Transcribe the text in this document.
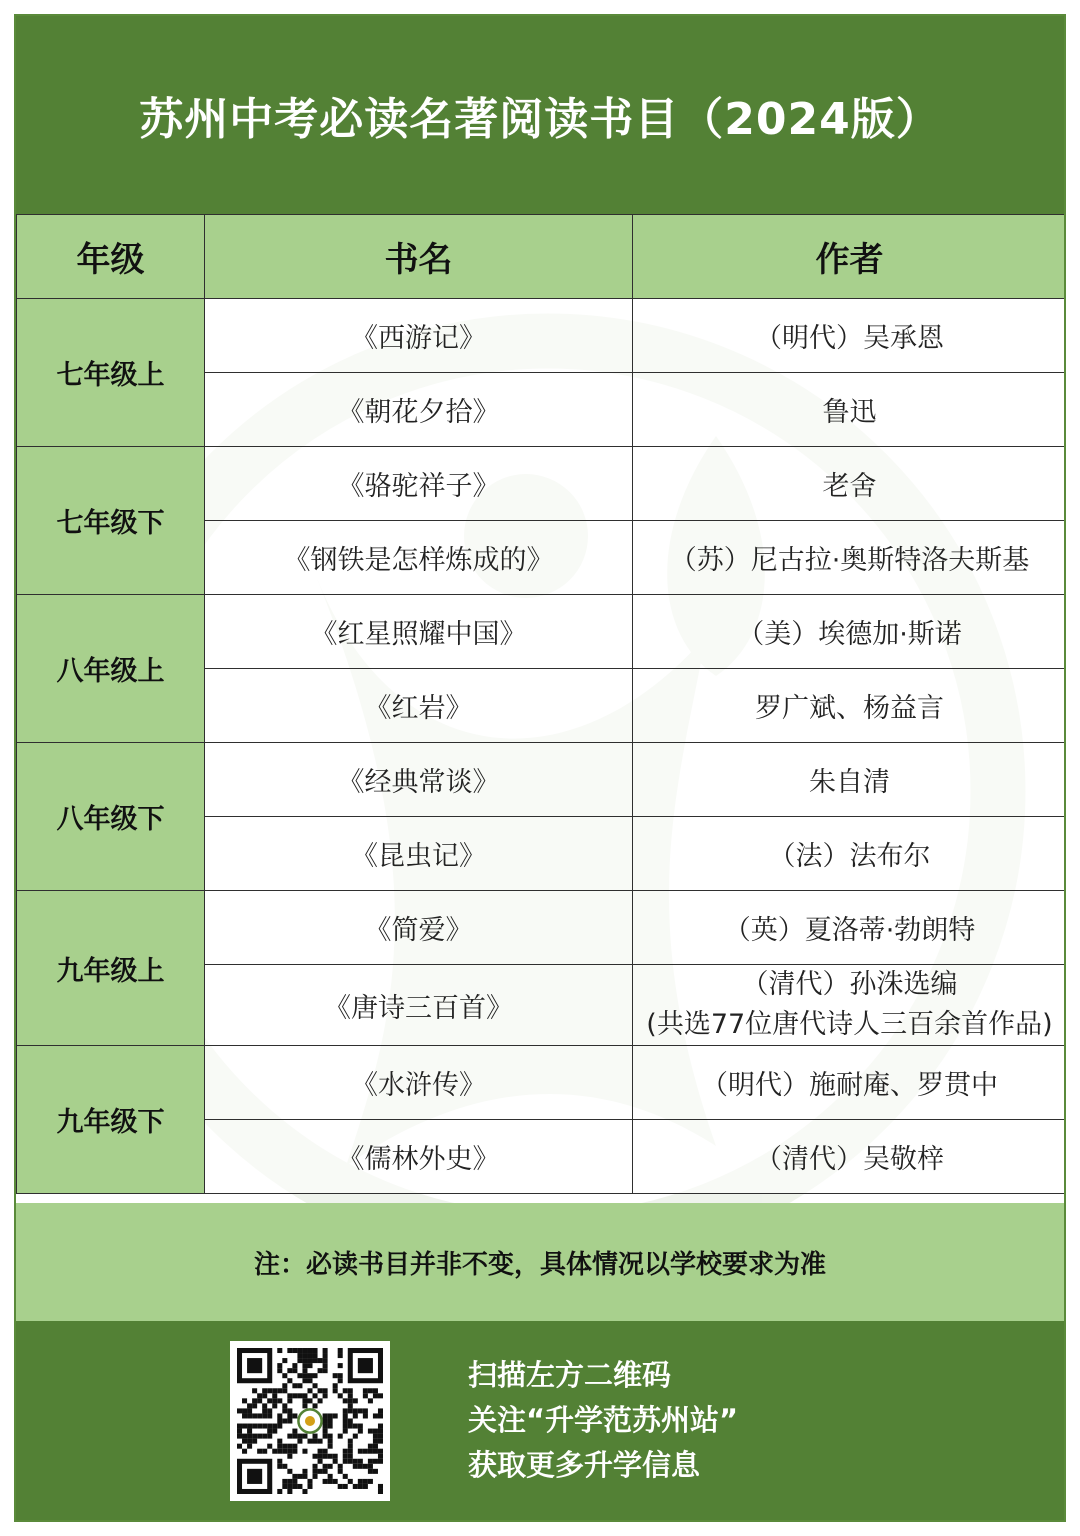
苏州中考必读名著阅读书目（2024版）
年级	书名	作者
七年级上	《西游记》	（明代）吴承恩
	《朝花夕拾》	鲁迅
七年级下	《骆驼祥子》	老舍
	《钢铁是怎样炼成的》	（苏）尼古拉·奥斯特洛夫斯基
八年级上	《红星照耀中国》	（美）埃德加·斯诺
	《红岩》	罗广斌、杨益言
八年级下	《经典常谈》	朱自清
	《昆虫记》	（法）法布尔
九年级上	《简爱》	（英）夏洛蒂·勃朗特
	《唐诗三百首》	（清代）孙洙选编
(共选77位唐代诗人三百余首作品)

九年级下	《水浒传》	（明代）施耐庵、罗贯中
	《儒林外史》	（清代）吴敬梓
注：必读书目并非不变，具体情况以学校要求为准
扫描左方二维码
关注“升学范苏州站”
获取更多升学信息
